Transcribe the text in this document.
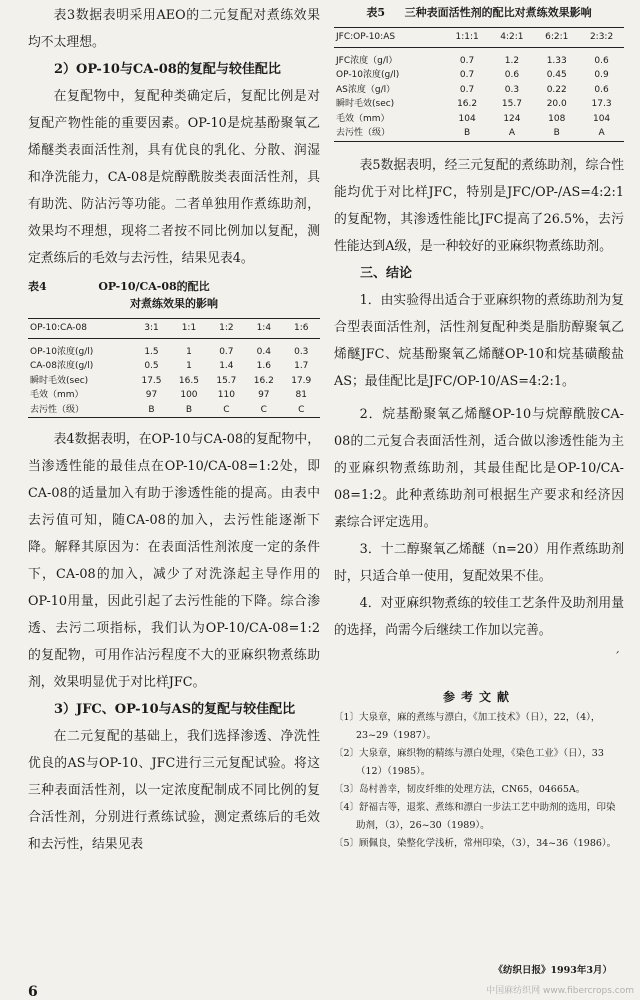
表3数据表明采用AEO的二元复配对煮练效果均不太理想。

2）OP-10与CA-08的复配与较佳配比

在复配物中，复配种类确定后，复配比例是对复配产物性能的重要因素。OP-10是烷基酚聚氧乙烯醚类表面活性剂，具有优良的乳化、分散、润湿和净洗能力，CA-08是烷醇酰胺类表面活性剂，具有助洗、防沾污等功能。二者单独用作煮练助剂，效果均不理想，现将二者按不同比例加以复配，测定煮练后的毛效与去污性，结果见表4。

表4	OP-10/CA-08的配比
对煮练效果的影响
OP-10:CA-08	3:1	1:1	1:2	1:4	1:6

OP-10浓度(g/l)	1.5	1	0.7	0.4	0.3
CA-08浓度(g/l)	0.5	1	1.4	1.6	1.7
瞬时毛效(sec)	17.5	16.5	15.7	16.2	17.9
毛效（mm）	97	100	110	97	81
去污性（级）	B	B	C	C	C

表4数据表明，在OP-10与CA-08的复配物中，当渗透性能的最佳点在OP-10/CA-08=1:2处，即CA-08的适量加入有助于渗透性能的提高。由表中去污值可知，随CA-08的加入，去污性能逐渐下降。解释其原因为：在表面活性剂浓度一定的条件下，CA-08的加入，减少了对洗涤起主导作用的OP-10用量，因此引起了去污性能的下降。综合渗透、去污二项指标，我们认为OP-10/CA-08=1:2的复配物，可用作沾污程度不大的亚麻织物煮练助剂，效果明显优于对比样JFC。

3）JFC、OP-10与AS的复配与较佳配比

在二元复配的基础上，我们选择渗透、净洗性优良的AS与OP-10、JFC进行三元复配试验。将这三种表面活性剂，以一定浓度配制成不同比例的复合活性剂，分别进行煮练试验，测定煮练后的毛效和去污性，结果见表

6
表5 三种表面活性剂的配比对煮练效果影响
JFC:OP-10:AS	1:1:1	4:2:1	6:2:1	2:3:2

JFC浓度（g/l）	0.7	1.2	1.33	0.6
OP-10浓度(g/l)	0.7	0.6	0.45	0.9
AS浓度（g/l）	0.7	0.3	0.22	0.6
瞬时毛效(sec)	16.2	15.7	20.0	17.3
毛效（mm）	104	124	108	104
去污性（级）	B	A	B	A

表5数据表明，经三元复配的煮练助剂，综合性能均优于对比样JFC，特别是JFC/OP-/AS=4:2:1的复配物，其渗透性能比JFC提高了26.5%，去污性能达到A级，是一种较好的亚麻织物煮练助剂。

三、结论

1．由实验得出适合于亚麻织物的煮练助剂为复合型表面活性剂，活性剂复配种类是脂肪醇聚氧乙烯醚JFC、烷基酚聚氧乙烯醚OP-10和烷基磺酸盐AS；最佳配比是JFC/OP-10/AS=4:2:1。

2．烷基酚聚氧乙烯醚OP-10与烷醇酰胺CA-08的二元复合表面活性剂，适合做以渗透性能为主的亚麻织物煮练助剂，其最佳配比是OP-10/CA-08=1:2。此种煮练助剂可根据生产要求和经济因素综合评定选用。

3．十二醇聚氧乙烯醚（n=20）用作煮练助剂时，只适合单一使用，复配效果不佳。

4．对亚麻织物煮练的较佳工艺条件及助剂用量的选择，尚需今后继续工作加以完善。

参考文献
〔1〕大泉章，麻的煮练与漂白，《加工技术》（日），22，（4），23~29（1987）。
〔2〕大泉章，麻织物的精练与漂白处理，《染色工业》（日），33（12）（1985）。
〔3〕岛村善幸，韧皮纤维的处理方法，CN65，04665A。
〔4〕舒福吉等，退浆、煮练和漂白一步法工艺中助剂的选用，印染助剂，（3），26~30（1989）。
〔5〕顾佩良，染整化学浅析，常州印染，（3），34~36（1986）。
《纺织日报》1993年3月）
ˊ
中国麻纺织网 www.fibercrops.com
